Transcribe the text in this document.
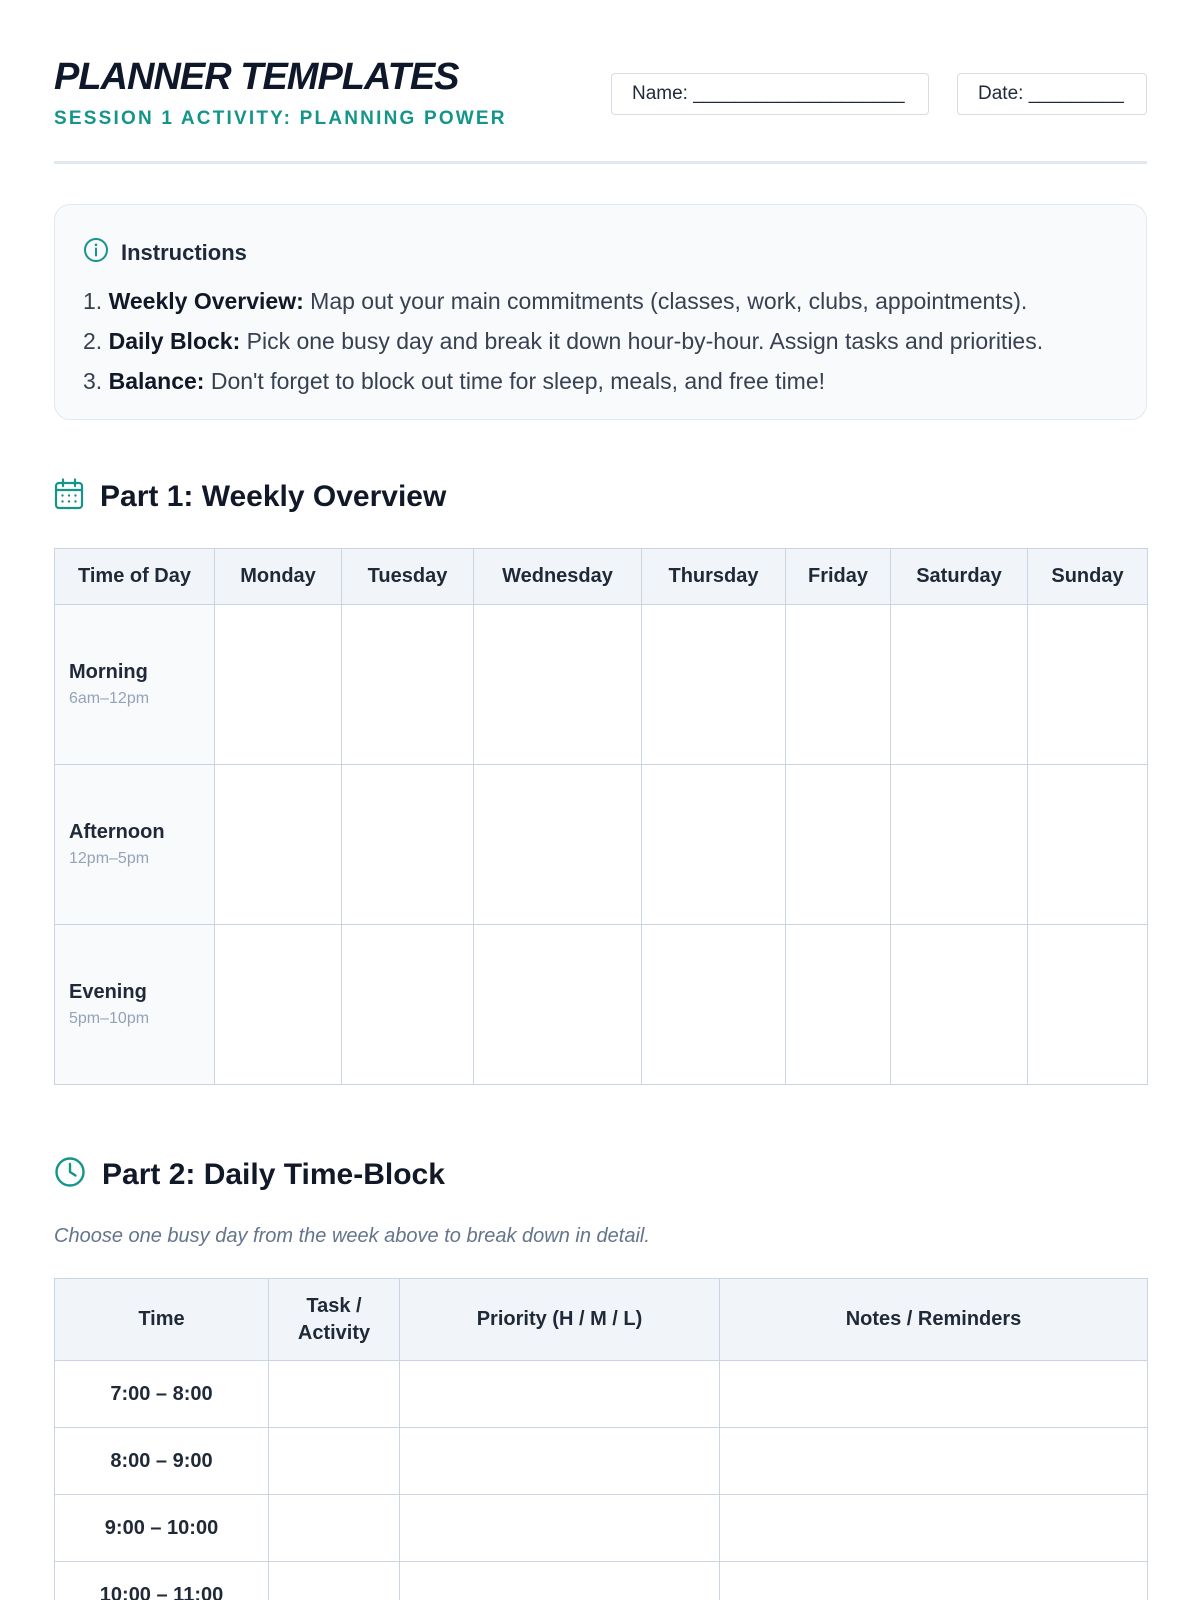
PLANNER TEMPLATES
SESSION 1 ACTIVITY: PLANNING POWER
Name: ____________________	Date: _________
Instructions
1. Weekly Overview: Map out your main commitments (classes, work, clubs, appointments).
2. Daily Block: Pick one busy day and break it down hour-by-hour. Assign tasks and priorities.
3. Balance: Don't forget to block out time for sleep, meals, and free time!
Part 1: Weekly Overview
Time of Day	Monday	Tuesday	Wednesday	Thursday	Friday	Saturday	Sunday

Morning
6am–12pm							

Afternoon
12pm–5pm							

Evening
5pm–10pm							

Part 2: Daily Time-Block
Choose one busy day from the week above to break down in detail.
Time	Task / Activity	Priority (H / M / L)	Notes / Reminders
7:00 – 8:00			
8:00 – 9:00			
9:00 – 10:00			
10:00 – 11:00			
